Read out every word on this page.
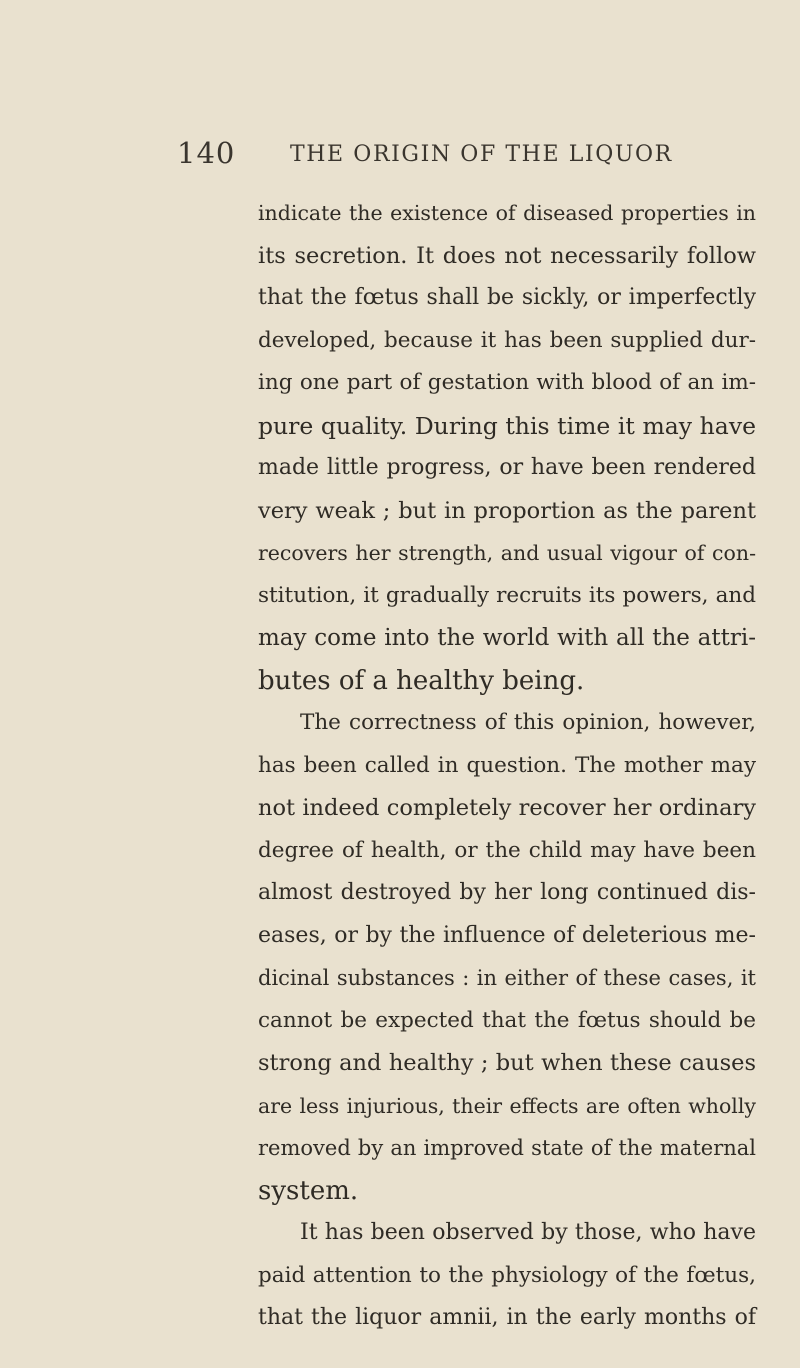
140 THE ORIGIN OF THE LIQUOR
indicate the existence of diseased properties in
its secretion. It does not necessarily follow
that the fœtus shall be sickly, or imperfectly
developed, because it has been supplied dur-
ing one part of gestation with blood of an im-
pure quality. During this time it may have
made little progress, or have been rendered
very weak ; but in proportion as the parent
recovers her strength, and usual vigour of con-
stitution, it gradually recruits its powers, and
may come into the world with all the attri-
butes of a healthy being.
The correctness of this opinion, however,
has been called in question. The mother may
not indeed completely recover her ordinary
degree of health, or the child may have been
almost destroyed by her long continued dis-
eases, or by the influence of deleterious me-
dicinal substances : in either of these cases, it
cannot be expected that the fœtus should be
strong and healthy ; but when these causes
are less injurious, their effects are often wholly
removed by an improved state of the maternal
system.
It has been observed by those, who have
paid attention to the physiology of the fœtus,
that the liquor amnii, in the early months of
